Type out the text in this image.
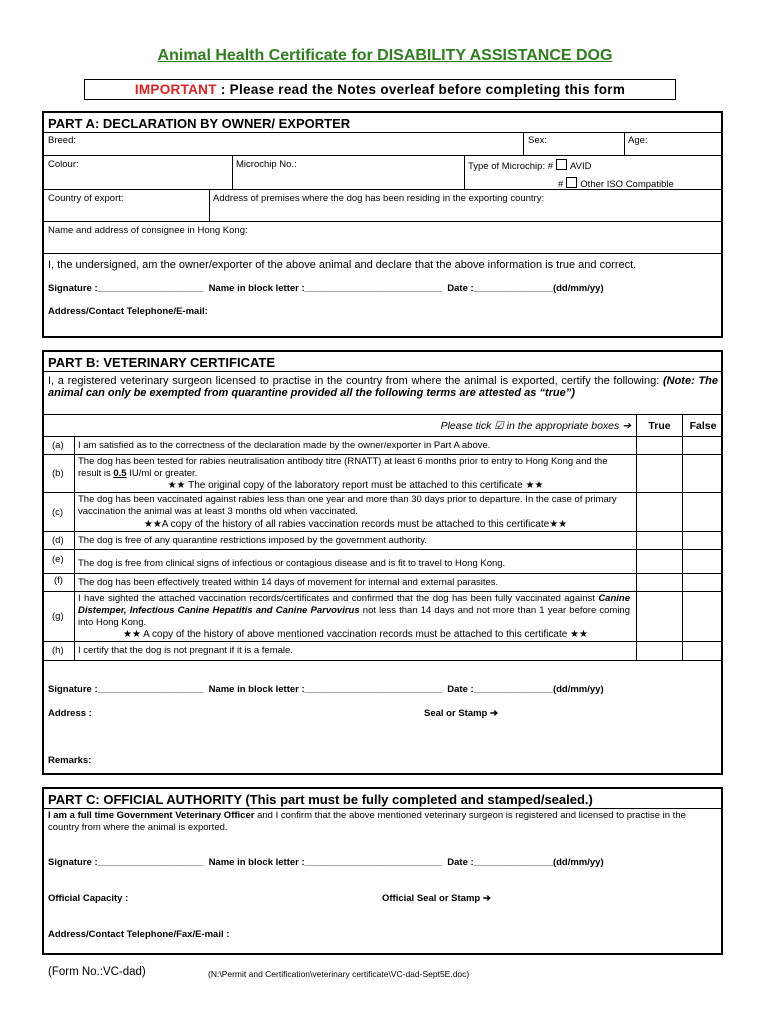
Animal Health Certificate for DISABILITY ASSISTANCE DOG
IMPORTANT : Please read the Notes overleaf before completing this form
PART A: DECLARATION BY OWNER/ EXPORTER
Breed:	Sex:	Age:
Colour:	Microchip No.:	Type of Microchip: # AVID
# Other ISO Compatible
Country of export:	Address of premises where the dog has been residing in the exporting country:
Name and address of consignee in Hong Kong:
I, the undersigned, am the owner/exporter of the above animal and declare that the above information is true and correct.
Signature :____________________  Name in block letter :__________________________  Date :_______________(dd/mm/yy)
Address/Contact Telephone/E-mail:
PART B: VETERINARY CERTIFICATE
I, a registered veterinary surgeon licensed to practise in the country from where the animal is exported, certify the following: (Note: The animal can only be exempted from quarantine provided all the following terms are attested as “true”)
Please tick ☑ in the appropriate boxes ➔	True	False
(a) I am satisfied as to the correctness of the declaration made by the owner/exporter in Part A above.
(b)
The dog has been tested for rabies neutralisation antibody titre (RNATT) at least 6 months prior to entry to Hong Kong and the result is 0.5 IU/ml or greater.
★★ The original copy of the laboratory report must be attached to this certificate ★★
(c)
The dog has been vaccinated against rabies less than one year and more than 30 days prior to departure. In the case of primary vaccination the animal was at least 3 months old when vaccinated.
★★A copy of the history of all rabies vaccination records must be attached to this certificate★★
(d) The dog is free of any quarantine restrictions imposed by the government authority.
(e) The dog is free from clinical signs of infectious or contagious disease and is fit to travel to Hong Kong.
(f) The dog has been effectively treated within 14 days of movement for internal and external parasites.
(g)
I have sighted the attached vaccination records/certificates and confirmed that the dog has been fully vaccinated against Canine Distemper, Infectious Canine Hepatitis and Canine Parvovirus not less than 14 days and not more than 1 year before coming into Hong Kong.
★★ A copy of the history of above mentioned vaccination records must be attached to this certificate ★★
(h) I certify that the dog is not pregnant if it is a female.
Signature :____________________  Name in block letter :__________________________  Date :_______________(dd/mm/yy)
Address :	Seal or Stamp ➔
Remarks:
PART C: OFFICIAL AUTHORITY (This part must be fully completed and stamped/sealed.)
I am a full time Government Veterinary Officer and I confirm that the above mentioned veterinary surgeon is registered and licensed to practise in the country from where the animal is exported.
Signature :____________________  Name in block letter :__________________________  Date :_______________(dd/mm/yy)
Official Capacity :	Official Seal or Stamp ➔
Address/Contact Telephone/Fax/E-mail :
(Form No.:VC-dad)	(N:\Permit and Certification\veterinary certificate\VC-dad-Sept5E.doc)
